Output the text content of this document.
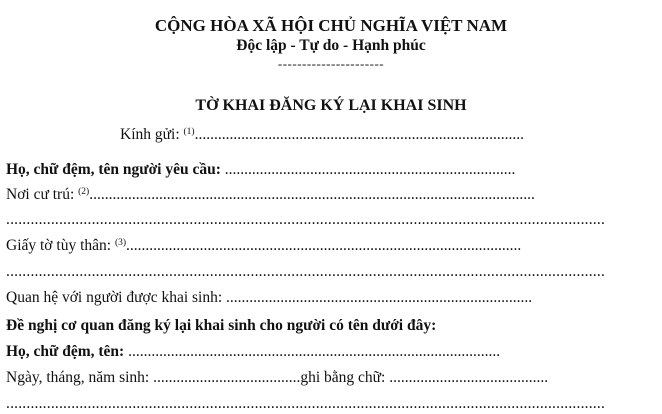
CỘNG HÒA XÃ HỘI CHỦ NGHĨA VIỆT NAM
Độc lập - Tự do - Hạnh phúc
----------------------
TỜ KHAI ĐĂNG KÝ LẠI KHAI SINH
Kính gửi: $^{(1)}$.....................................................................................
Họ, chữ đệm, tên người yêu cầu: ...........................................................................
Nơi cư trú: $^{(2)}$...................................................................................................................
...................................................................................................................................................
Giấy tờ tùy thân: $^{(3)}$......................................................................................................
...................................................................................................................................................
Quan hệ với người được khai sinh: ...............................................................................
Đề nghị cơ quan đăng ký lại khai sinh cho người có tên dưới đây:
Họ, chữ đệm, tên: ................................................................................................
Ngày, tháng, năm sinh: ......................................ghi bằng chữ: .........................................
...................................................................................................................................................
